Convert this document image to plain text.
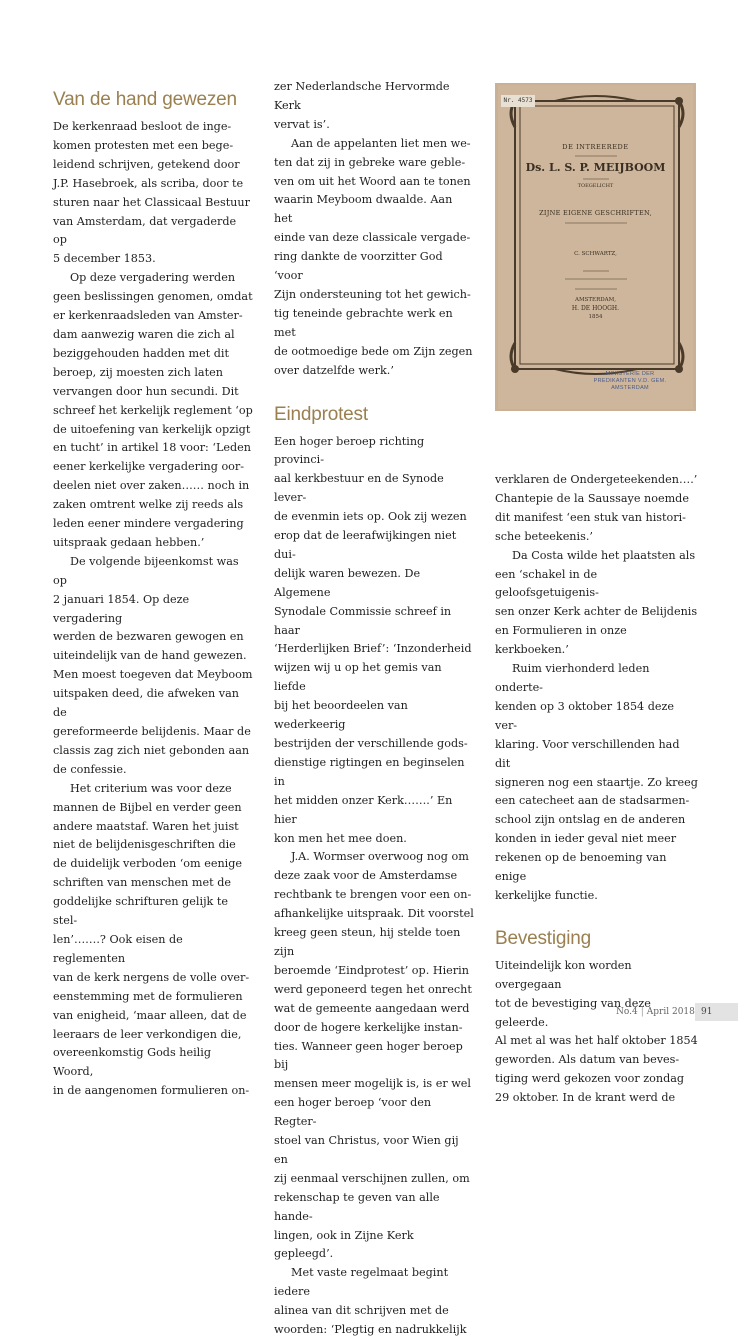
Van de hand gewezen

De kerkenraad besloot de inge-
komen protesten met een bege-
leidend schrijven, getekend door
J.P. Hasebroek, als scriba, door te
sturen naar het Classicaal Bestuur
van Amsterdam, dat vergaderde op
5 december 1853.

Op deze vergadering werden
geen beslissingen genomen, omdat
er kerkenraadsleden van Amster-
dam aanwezig waren die zich al
beziggehouden hadden met dit
beroep, zij moesten zich laten
vervangen door hun secundi. Dit
schreef het kerkelijk reglement ‘op
de uitoefening van kerkelijk opzigt
en tucht’ in artikel 18 voor: ‘Leden
eener kerkelijke vergadering oor-
deelen niet over zaken…… noch in
zaken omtrent welke zij reeds als
leden eener mindere vergadering
uitspraak gedaan hebben.’

De volgende bijeenkomst was op
2 januari 1854. Op deze vergadering
werden de bezwaren gewogen en
uiteindelijk van de hand gewezen.
Men moest toegeven dat Meyboom
uitspaken deed, die afweken van de
gereformeerde belijdenis. Maar de
classis zag zich niet gebonden aan
de confessie.

Het criterium was voor deze
mannen de Bijbel en verder geen
andere maatstaf. Waren het juist
niet de belijdenisgeschriften die
de duidelijk verboden ‘om eenige
schriften van menschen met de
goddelijke schrifturen gelijk te stel-
len’…….? Ook eisen de reglementen
van de kerk nergens de volle over-
eenstemming met de formulieren
van enigheid, ‘maar alleen, dat de
leeraars de leer verkondigen die,
overeenkomstig Gods heilig Woord,
in de aangenomen formulieren on-

zer Nederlandsche Hervormde Kerk
vervat is’.

Aan de appelanten liet men we-
ten dat zij in gebreke ware geble-
ven om uit het Woord aan te tonen
waarin Meyboom dwaalde. Aan het
einde van deze classicale vergade-
ring dankte de voorzitter God ‘voor
Zijn ondersteuning tot het gewich-
tig teneinde gebrachte werk en met
de ootmoedige bede om Zijn zegen
over datzelfde werk.’

Eindprotest

Een hoger beroep richting provinci-
aal kerkbestuur en de Synode lever-
de evenmin iets op. Ook zij wezen
erop dat de leerafwijkingen niet dui-
delijk waren bewezen. De Algemene
Synodale Commissie schreef in haar
‘Herderlijken Brief’: ‘Inzonderheid
wijzen wij u op het gemis van liefde
bij het beoordeelen van wederkeerig
bestrijden der verschillende gods-
dienstige rigtingen en beginselen in
het midden onzer Kerk…….’ En hier
kon men het mee doen.

J.A. Wormser overwoog nog om
deze zaak voor de Amsterdamse
rechtbank te brengen voor een on-
afhankelijke uitspraak. Dit voorstel
kreeg geen steun, hij stelde toen zijn
beroemde ‘Eindprotest’ op. Hierin
werd geponeerd tegen het onrecht
wat de gemeente aangedaan werd
door de hogere kerkelijke instan-
ties. Wanneer geen hoger beroep bij
mensen meer mogelijk is, is er wel
een hoger beroep ‘voor den Regter-
stoel van Christus, voor Wien gij en
zij eenmaal verschijnen zullen, om
rekenschap te geven van alle hande-
lingen, ook in Zijne Kerk gepleegd’.

Met vaste regelmaat begint iedere
alinea van dit schrijven met de
woorden: ‘Plegtig en nadrukkelijk

Nr. 4573
DE INTREEREDE
Ds. L. S. P. MEIJBOOM
TOEGELICHT
ZIJNE EIGENE GESCHRIFTEN,
C. SCHWARTZ,
AMSTERDAM,
H. DE HOOGH.
1854
MINISTERIE DER
PREDIKANTEN V.D. GEM.
AMSTERDAM

verklaren de Ondergeteekenden….’
Chantepie de la Saussaye noemde
dit manifest ‘een stuk van histori-
sche beteekenis.’

Da Costa wilde het plaatsten als
een ‘schakel in de geloofsgetuigenis-
sen onzer Kerk achter de Belijdenis
en Formulieren in onze kerkboeken.’

Ruim vierhonderd leden onderte-
kenden op 3 oktober 1854 deze ver-
klaring. Voor verschillenden had dit
signeren nog een staartje. Zo kreeg
een catecheet aan de stadsarmen-
school zijn ontslag en de anderen
konden in ieder geval niet meer
rekenen op de benoeming van enige
kerkelijke functie.

Bevestiging

Uiteindelijk kon worden overgegaan
tot de bevestiging van deze geleerde.
Al met al was het half oktober 1854
geworden. Als datum van beves-
tiging werd gekozen voor zondag
29 oktober. In de krant werd de

No.4 | April 2018 91
